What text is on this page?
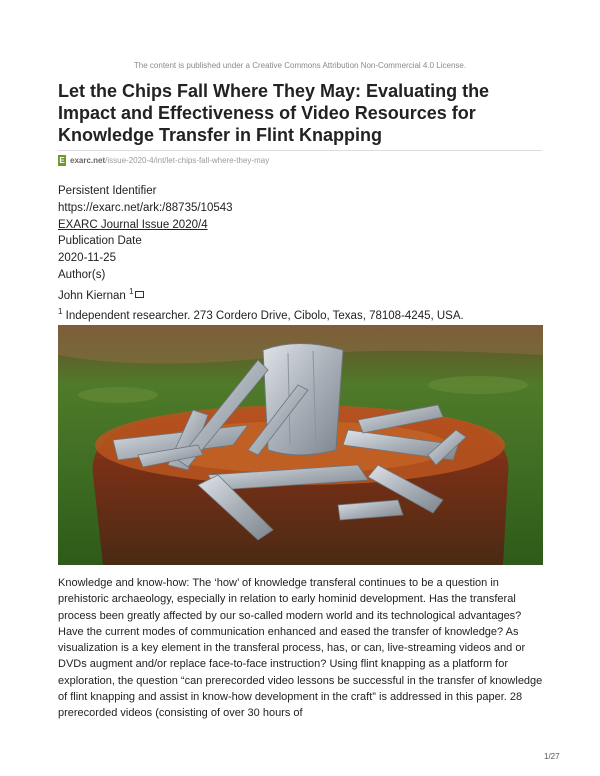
The content is published under a Creative Commons Attribution Non-Commercial 4.0 License.
Let the Chips Fall Where They May: Evaluating the Impact and Effectiveness of Video Resources for Knowledge Transfer in Flint Knapping
E exarc.net/issue-2020-4/int/let-chips-fall-where-they-may
Persistent Identifier
https://exarc.net/ark:/88735/10543
EXARC Journal Issue 2020/4
Publication Date
2020-11-25
Author(s)
John Kiernan $^1$
$^1$ Independent researcher. 273 Cordero Drive, Cibolo, Texas, 78108-4245, USA.

Knowledge and know-how: The ‘how’ of knowledge transferal continues to be a question in prehistoric archaeology, especially in relation to early hominid development. Has the transferal process been greatly affected by our so-called modern world and its technological advantages? Have the current modes of communication enhanced and eased the transfer of knowledge? As visualization is a key element in the transferal process, has, or can, live-streaming videos and or DVDs augment and/or replace face-to-face instruction? Using flint knapping as a platform for exploration, the question “can prerecorded video lessons be successful in the transfer of knowledge of flint knapping and assist in know-how development in the craft” is addressed in this paper. 28 prerecorded videos (consisting of over 30 hours of

1/27
